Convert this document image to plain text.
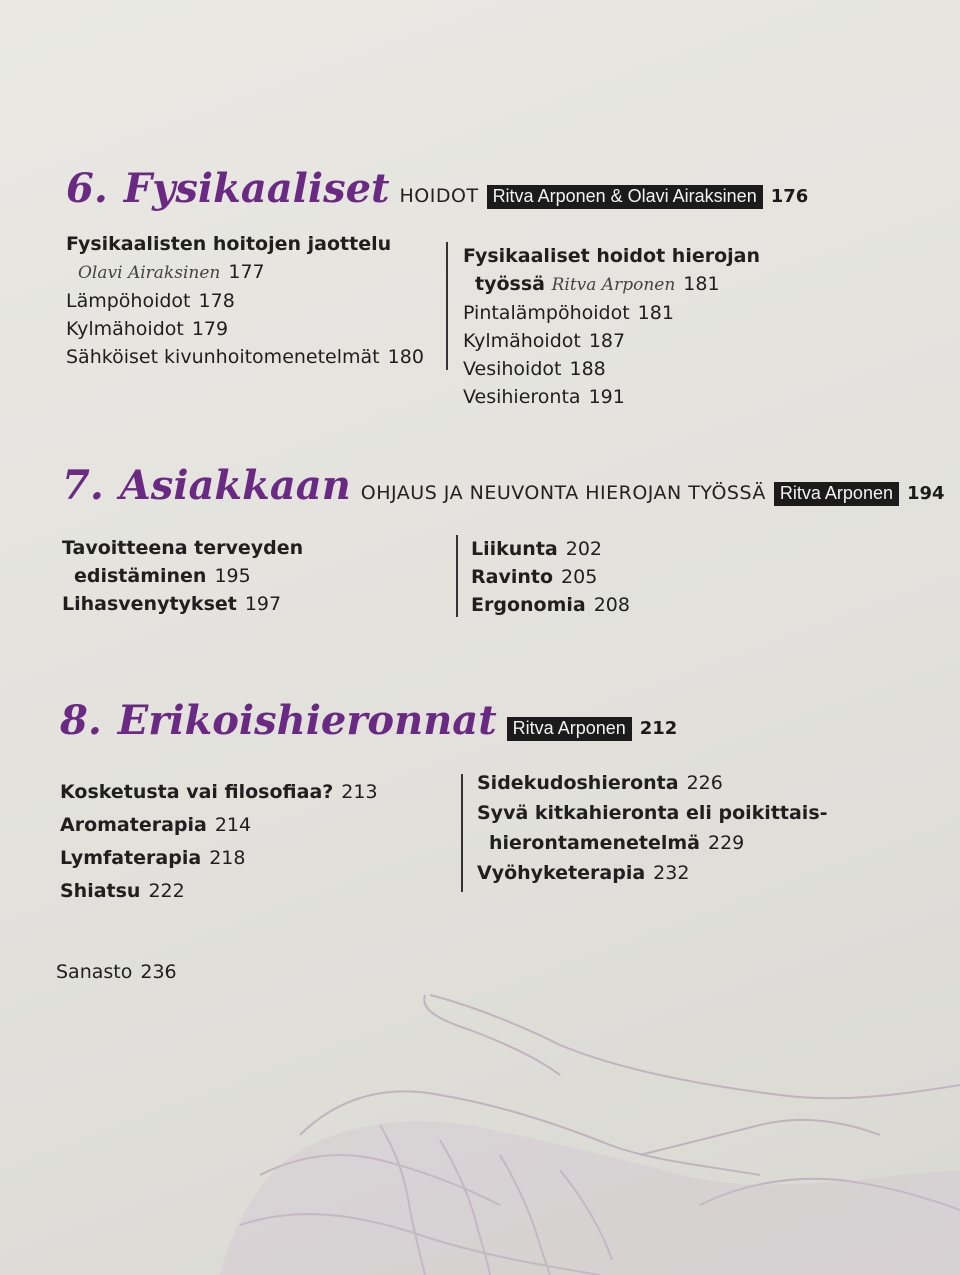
6. Fysikaaliset HOIDOT Ritva Arponen & Olavi Airaksinen 176
Fysikaalisten hoitojen jaottelu
Olavi Airaksinen 177
Lämpöhoidot 178
Kylmähoidot 179
Sähköiset kivunhoitomenetelmät 180
Fysikaaliset hoidot hierojan
työssä Ritva Arponen 181
Pintalämpöhoidot 181
Kylmähoidot 187
Vesihoidot 188
Vesihieronta 191
7. Asiakkaan OHJAUS JA NEUVONTA HIEROJAN TYÖSSÄ Ritva Arponen 194
Tavoitteena terveyden
edistäminen 195
Lihasvenytykset 197
Liikunta 202
Ravinto 205
Ergonomia 208
8. Erikoishieronnat Ritva Arponen 212
Kosketusta vai filosofiaa? 213
Aromaterapia 214
Lymfaterapia 218
Shiatsu 222
Sidekudoshieronta 226
Syvä kitkahieronta eli poikittais-
hierontamenetelmä 229
Vyöhyketerapia 232
Sanasto 236
